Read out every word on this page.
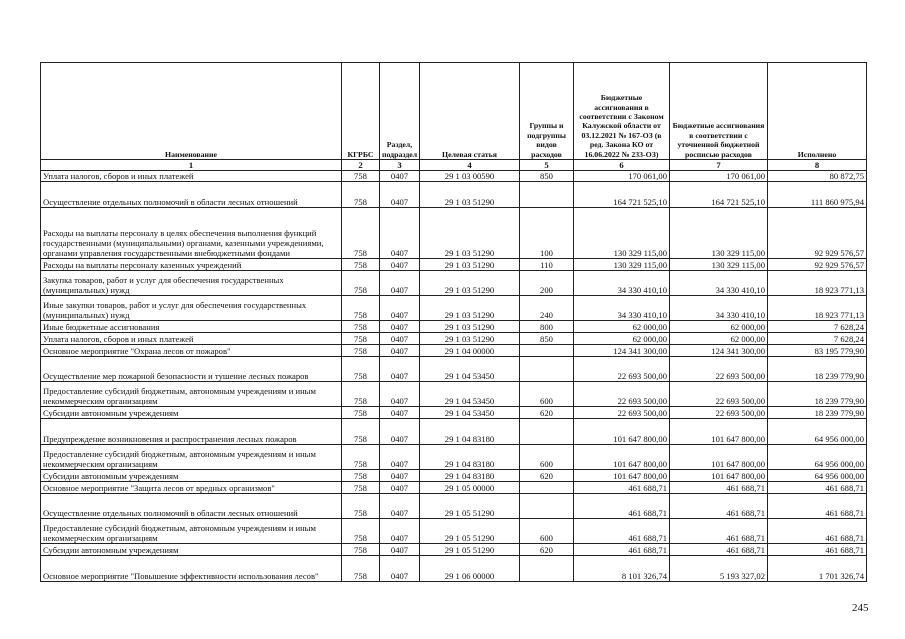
Наименование	КГРБС	Раздел, подраздел	Целевая статья	Группы и подгруппы видов расходов	Бюджетные ассигнования в соответствии с Законом Калужской области от 03.12.2021 № 167-ОЗ (в ред. Закона КО от 16.06.2022 № 233-ОЗ)	Бюджетные ассигнования в соответствии с уточненной бюджетной росписью расходов	Исполнено
1	2	3	4	5	6	7	8
Уплата налогов, сборов и иных платежей	758	0407	29 1 03 00590	850	170 061,00	170 061,00	80 872,75
Осуществление отдельных полномочий в области лесных отношений	758	0407	29 1 03 51290		164 721 525,10	164 721 525,10	111 860 975,94
Расходы на выплаты персоналу в целях обеспечения выполнения функций государственными (муниципальными) органами, казенными учреждениями, органами управления государственными внебюджетными фондами	758	0407	29 1 03 51290	100	130 329 115,00	130 329 115,00	92 929 576,57
Расходы на выплаты персоналу казенных учреждений	758	0407	29 1 03 51290	110	130 329 115,00	130 329 115,00	92 929 576,57
Закупка товаров, работ и услуг для обеспечения государственных (муниципальных) нужд	758	0407	29 1 03 51290	200	34 330 410,10	34 330 410,10	18 923 771,13
Иные закупки товаров, работ и услуг для обеспечения государственных (муниципальных) нужд	758	0407	29 1 03 51290	240	34 330 410,10	34 330 410,10	18 923 771,13
Иные бюджетные ассигнования	758	0407	29 1 03 51290	800	62 000,00	62 000,00	7 628,24
Уплата налогов, сборов и иных платежей	758	0407	29 1 03 51290	850	62 000,00	62 000,00	7 628,24
Основное мероприятие "Охрана лесов от пожаров"	758	0407	29 1 04 00000		124 341 300,00	124 341 300,00	83 195 779,90
Осуществление мер пожарной безопасности и тушение лесных пожаров	758	0407	29 1 04 53450		22 693 500,00	22 693 500,00	18 239 779,90
Предоставление субсидий бюджетным, автономным учреждениям и иным некоммерческим организациям	758	0407	29 1 04 53450	600	22 693 500,00	22 693 500,00	18 239 779,90
Субсидии автономным учреждениям	758	0407	29 1 04 53450	620	22 693 500,00	22 693 500,00	18 239 779,90
Предупреждение возникновения и распространения лесных пожаров	758	0407	29 1 04 83180		101 647 800,00	101 647 800,00	64 956 000,00
Предоставление субсидий бюджетным, автономным учреждениям и иным некоммерческим организациям	758	0407	29 1 04 83180	600	101 647 800,00	101 647 800,00	64 956 000,00
Субсидии автономным учреждениям	758	0407	29 1 04 83180	620	101 647 800,00	101 647 800,00	64 956 000,00
Основное мероприятие "Защита лесов от вредных организмов"	758	0407	29 1 05 00000		461 688,71	461 688,71	461 688,71
Осуществление отдельных полномочий в области лесных отношений	758	0407	29 1 05 51290		461 688,71	461 688,71	461 688,71
Предоставление субсидий бюджетным, автономным учреждениям и иным некоммерческим организациям	758	0407	29 1 05 51290	600	461 688,71	461 688,71	461 688,71
Субсидии автономным учреждениям	758	0407	29 1 05 51290	620	461 688,71	461 688,71	461 688,71
Основное мероприятие "Повышение эффективности использования лесов"	758	0407	29 1 06 00000		8 101 326,74	5 193 327,02	1 701 326,74
245
